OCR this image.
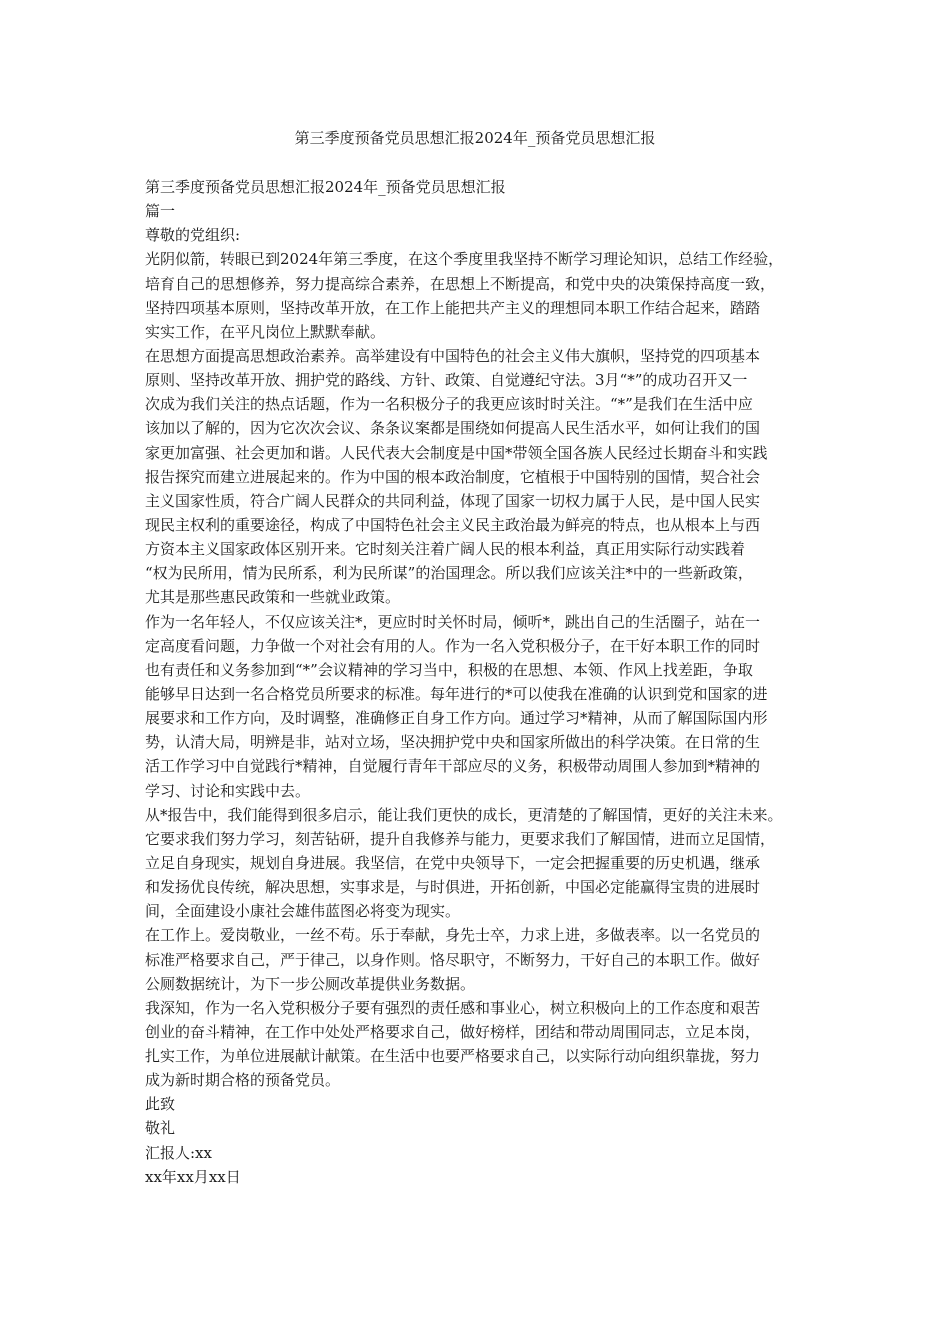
第三季度预备党员思想汇报2024年_预备党员思想汇报
第三季度预备党员思想汇报2024年_预备党员思想汇报
篇一
尊敬的党组织:
光阴似箭，转眼已到2024年第三季度，在这个季度里我坚持不断学习理论知识，总结工作经验，
培育自己的思想修养，努力提高综合素养，在思想上不断提高，和党中央的决策保持高度一致，
坚持四项基本原则，坚持改革开放，在工作上能把共产主义的理想同本职工作结合起来，踏踏
实实工作，在平凡岗位上默默奉献。
在思想方面提高思想政治素养。高举建设有中国特色的社会主义伟大旗帜，坚持党的四项基本
原则、坚持改革开放、拥护党的路线、方针、政策、自觉遵纪守法。3月“*”的成功召开又一
次成为我们关注的热点话题，作为一名积极分子的我更应该时时关注。“*”是我们在生活中应
该加以了解的，因为它次次会议、条条议案都是围绕如何提高人民生活水平，如何让我们的国
家更加富强、社会更加和谐。人民代表大会制度是中国*带领全国各族人民经过长期奋斗和实践
报告探究而建立进展起来的。作为中国的根本政治制度，它植根于中国特别的国情，契合社会
主义国家性质，符合广阔人民群众的共同利益，体现了国家一切权力属于人民，是中国人民实
现民主权利的重要途径，构成了中国特色社会主义民主政治最为鲜亮的特点，也从根本上与西
方资本主义国家政体区别开来。它时刻关注着广阔人民的根本利益，真正用实际行动实践着
“权为民所用，情为民所系，利为民所谋”的治国理念。所以我们应该关注*中的一些新政策，
尤其是那些惠民政策和一些就业政策。
作为一名年轻人，不仅应该关注*，更应时时关怀时局，倾听*，跳出自己的生活圈子，站在一
定高度看问题，力争做一个对社会有用的人。作为一名入党积极分子，在干好本职工作的同时
也有责任和义务参加到“*”会议精神的学习当中，积极的在思想、本领、作风上找差距，争取
能够早日达到一名合格党员所要求的标准。每年进行的*可以使我在准确的认识到党和国家的进
展要求和工作方向，及时调整，准确修正自身工作方向。通过学习*精神，从而了解国际国内形
势，认清大局，明辨是非，站对立场，坚决拥护党中央和国家所做出的科学决策。在日常的生
活工作学习中自觉践行*精神，自觉履行青年干部应尽的义务，积极带动周围人参加到*精神的
学习、讨论和实践中去。
从*报告中，我们能得到很多启示，能让我们更快的成长，更清楚的了解国情，更好的关注未来。
它要求我们努力学习，刻苦钻研，提升自我修养与能力，更要求我们了解国情，进而立足国情，
立足自身现实，规划自身进展。我坚信，在党中央领导下，一定会把握重要的历史机遇，继承
和发扬优良传统，解决思想，实事求是，与时俱进，开拓创新，中国必定能赢得宝贵的进展时
间，全面建设小康社会雄伟蓝图必将变为现实。
在工作上。爱岗敬业，一丝不苟。乐于奉献，身先士卒，力求上进，多做表率。以一名党员的
标准严格要求自己，严于律己，以身作则。恪尽职守，不断努力，干好自己的本职工作。做好
公厕数据统计，为下一步公厕改革提供业务数据。
我深知，作为一名入党积极分子要有强烈的责任感和事业心，树立积极向上的工作态度和艰苦
创业的奋斗精神，在工作中处处严格要求自己，做好榜样，团结和带动周围同志，立足本岗，
扎实工作，为单位进展献计献策。在生活中也要严格要求自己，以实际行动向组织靠拢，努力
成为新时期合格的预备党员。
此致
敬礼
汇报人:xx
xx年xx月xx日
